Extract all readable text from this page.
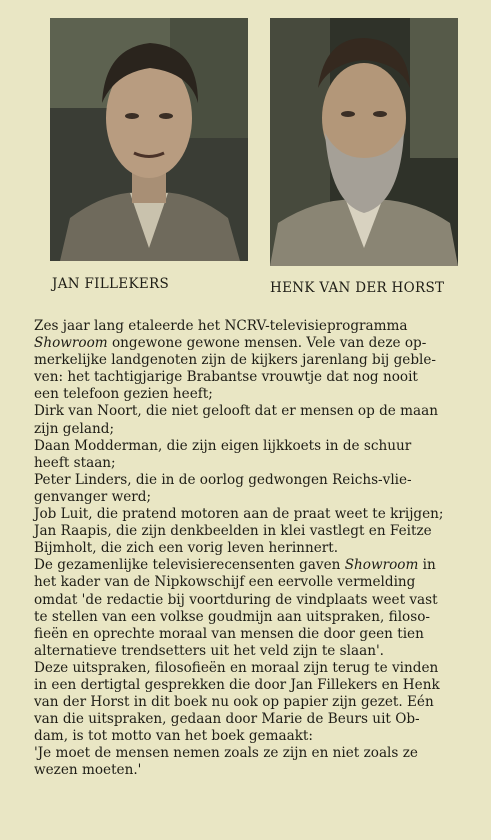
JAN FILLEKERS	HENK VAN DER HORST

Zes jaar lang etaleerde het NCRV-televisieprogramma

Showroom ongewone gewone mensen. Vele van deze op-

merkelijke landgenoten zijn de kijkers jarenlang bij geble-

ven: het tachtigjarige Brabantse vrouwtje dat nog nooit

een telefoon gezien heeft;

Dirk van Noort, die niet gelooft dat er mensen op de maan

zijn geland;

Daan Modderman, die zijn eigen lijkkoets in de schuur

heeft staan;

Peter Linders, die in de oorlog gedwongen Reichs-vlie-

genvanger werd;

Job Luit, die pratend motoren aan de praat weet te krijgen;

Jan Raapis, die zijn denkbeelden in klei vastlegt en Feitze

Bijmholt, die zich een vorig leven herinnert.

De gezamenlijke televisierecensenten gaven Showroom in

het kader van de Nipkowschijf een eervolle vermelding

omdat 'de redactie bij voortduring de vindplaats weet vast

te stellen van een volkse goudmijn aan uitspraken, filoso-

fieën en oprechte moraal van mensen die door geen tien

alternatieve trendsetters uit het veld zijn te slaan'.

Deze uitspraken, filosofieën en moraal zijn terug te vinden

in een dertigtal gesprekken die door Jan Fillekers en Henk

van der Horst in dit boek nu ook op papier zijn gezet. Eén

van die uitspraken, gedaan door Marie de Beurs uit Ob-

dam, is tot motto van het boek gemaakt:

'Je moet de mensen nemen zoals ze zijn en niet zoals ze

wezen moeten.'
